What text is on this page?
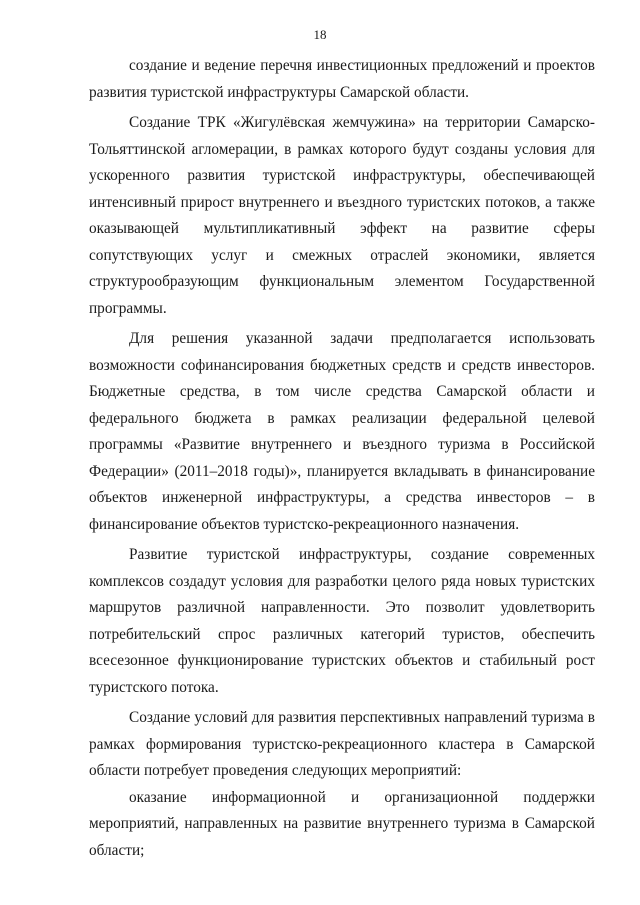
18

создание и ведение перечня инвестиционных предложений и проектов развития туристской инфраструктуры Самарской области.

Создание ТРК «Жигулёвская жемчужина» на территории Самарско-Тольяттинской агломерации, в рамках которого будут созданы условия для ускоренного развития туристской инфраструктуры, обеспечивающей интенсивный прирост внутреннего и въездного туристских потоков, а также оказывающей мультипликативный эффект на развитие сферы сопутствующих услуг и смежных отраслей экономики, является структурообразующим функциональным элементом Государственной программы.

Для решения указанной задачи предполагается использовать возможности софинансирования бюджетных средств и средств инвесторов. Бюджетные средства, в том числе средства Самарской области и федерального бюджета в рамках реализации федеральной целевой программы «Развитие внутреннего и въездного туризма в Российской Федерации» (2011–2018 годы)», планируется вкладывать в финансирование объектов инженерной инфраструктуры, а средства инвесторов – в финансирование объектов туристско-рекреационного назначения.

Развитие туристской инфраструктуры, создание современных комплексов создадут условия для разработки целого ряда новых туристских маршрутов различной направленности. Это позволит удовлетворить потребительский спрос различных категорий туристов, обеспечить всесезонное функционирование туристских объектов и стабильный рост туристского потока.

Создание условий для развития перспективных направлений туризма в рамках формирования туристско-рекреационного кластера в Самарской области потребует проведения следующих мероприятий:

оказание информационной и организационной поддержки мероприятий, направленных на развитие внутреннего туризма в Самарской области;
